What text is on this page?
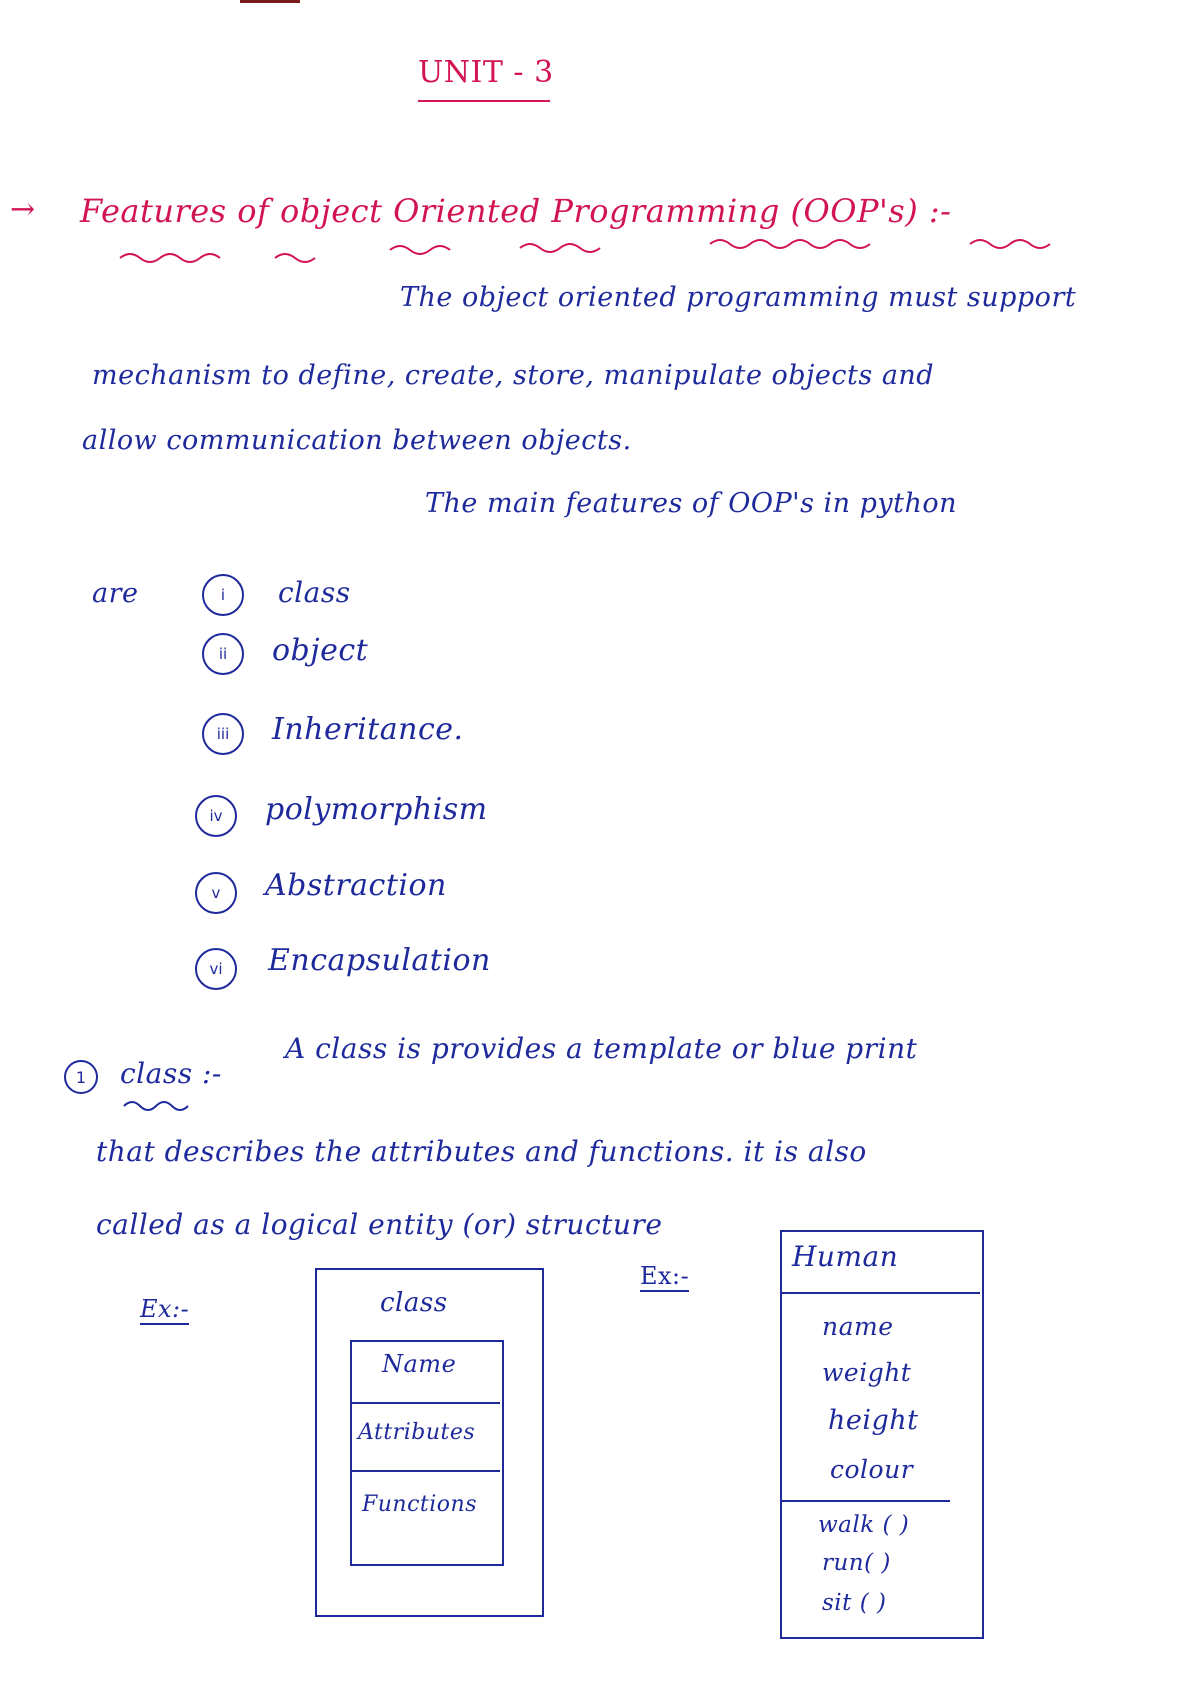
UNIT - 3
→ Features of object Oriented Programming (OOP's) :-
The object oriented programming must support
mechanism to define, create, store, manipulate objects and
allow communication between objects.
The main features of OOP's in python
are	i	class
ii	object
iii	Inheritance.
iv	polymorphism
v	Abstraction
vi	Encapsulation
1	class :-
A class is provides a template or blue print
that describes the attributes and functions. it is also
called as a logical entity (or) structure
Ex:-	class
Name
Attributes
Functions
Ex:-
Human
name
weight
height
colour
walk ( )
run( )
sit ( )
